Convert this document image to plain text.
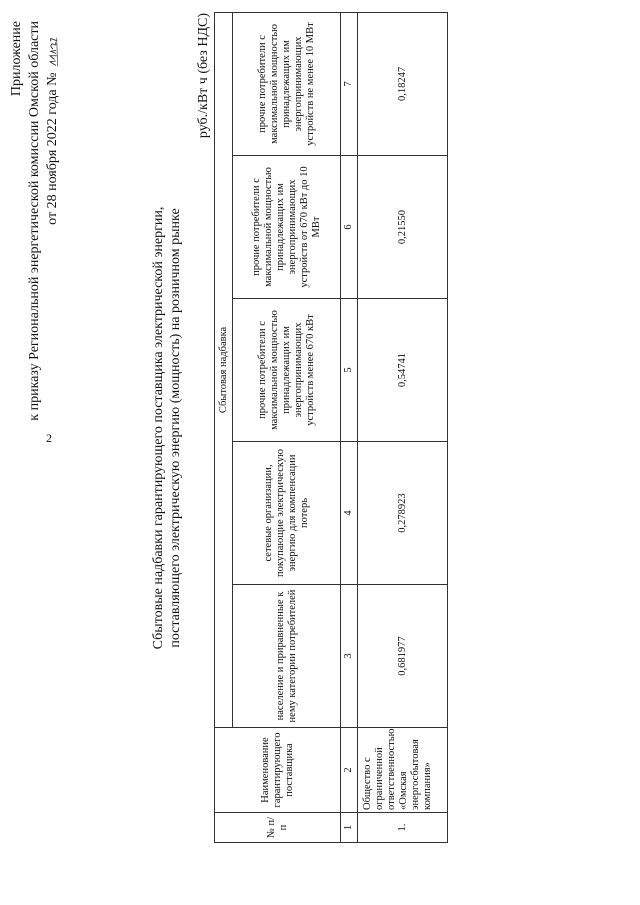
2
Приложение к приказу Региональной энергетической комиссии Омской области от 28 ноября 2022 года №
Сбытовые надбавки гарантирующего поставщика электрической энергии, поставляющего электрическую энергию (мощность) на розничном рынке
руб./кВт ч (без НДС)
№ п/п	Наименование гарантирующего поставщика	Сбытовая надбавка				
		население и приравненные к нему категории потребителей	сетевые организации, покупающие электрическую энергию для компенсации потерь	прочие потребители с максимальной мощностью принадлежащих им энергопринимающих устройств менее 670 кВт	прочие потребители с максимальной мощностью принадлежащих им энергопринимающих устройств от 670 кВт до 10 МВт	прочие потребители с максимальной мощностью принадлежащих им энергопринимающих устройств не менее 10 МВт
1	2	3	4	5	6	7
1.	Общество с ограниченной ответственностью «Омская энергосбытовая компания»	0,681977	0,278923	0,54741	0,21550	0,18247
